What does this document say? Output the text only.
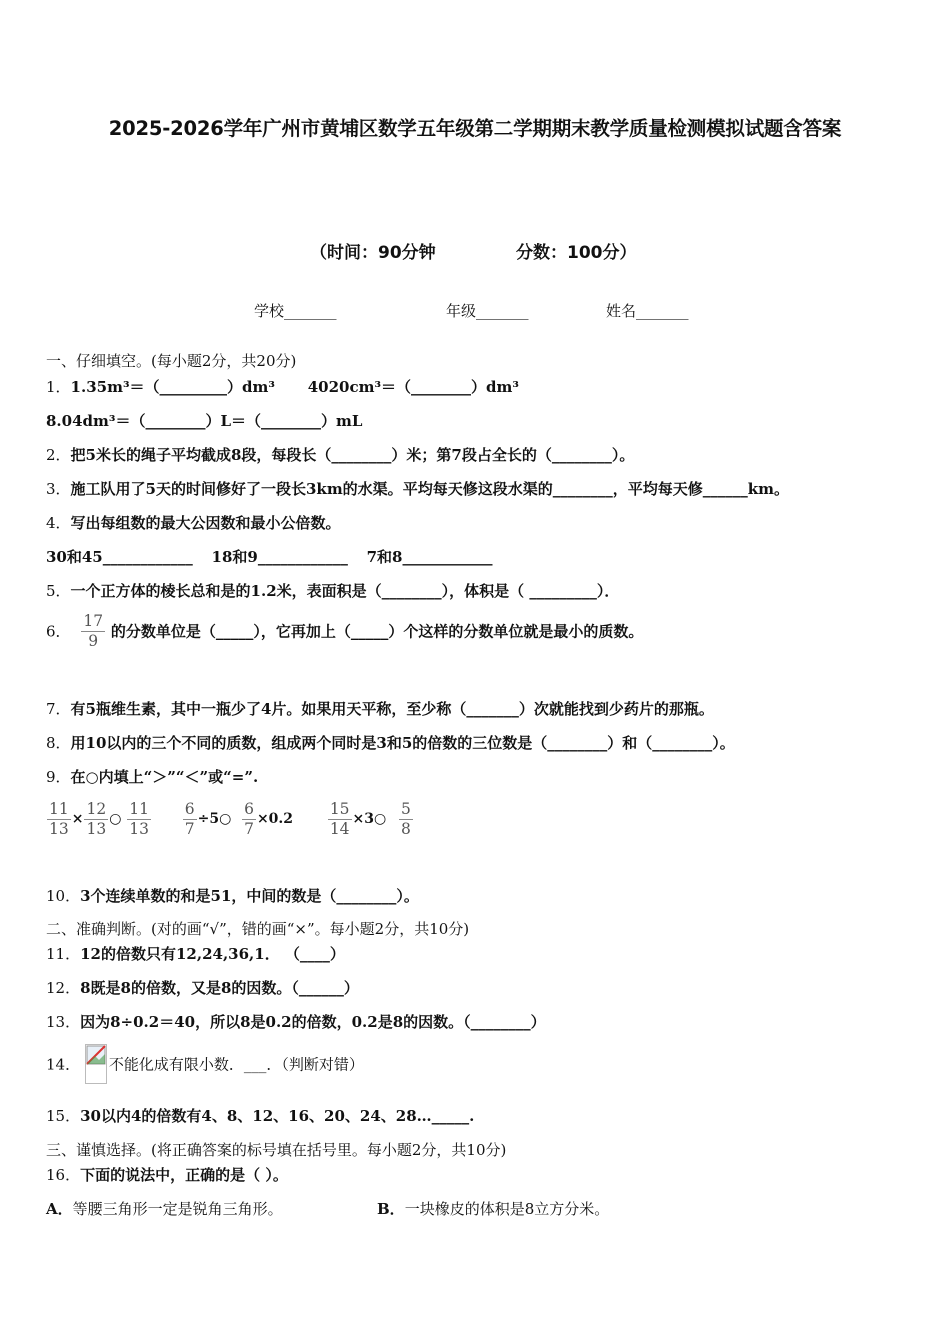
2025-2026学年广州市黄埔区数学五年级第二学期期末教学质量检测模拟试题含答案
（时间：90分钟	分数：100分）
学校_______	年级_______	姓名_______
一、仔细填空。(每小题2分，共20分)
1．1.35m³＝（_________）dm³ 4020cm³＝（________）dm³
8.04dm³＝（________）L＝（________）mL
2．把5米长的绳子平均截成8段，每段长（________）米；第7段占全长的（________）。
3．施工队用了5天的时间修好了一段长3km的水渠。平均每天修这段水渠的________，平均每天修______km。
4．写出每组数的最大公因数和最小公倍数。
30和45____________ 18和9____________ 7和8____________
5．一个正方体的棱长总和是的1.2米，表面积是（________），体积是（ _________）．
6． $\frac{17}{9}$ 的分数单位是（_____），它再加上（_____）个这样的分数单位就是最小的质数。
7．有5瓶维生素，其中一瓶少了4片。如果用天平称，至少称（_______）次就能找到少药片的那瓶。
8．用10以内的三个不同的质数，组成两个同时是3和5的倍数的三位数是（________）和（________）。
9．在○内填上“＞”“＜”或“=”.
$\frac{11}{13} \times \frac{12}{13}$ ○ $\frac{11}{13}$
$\frac{6}{7}$ ÷5○ $\frac{6}{7} \times 0.2 \frac{15}{14}$ ×3○ $\frac{5}{8}$
10．3个连续单数的和是51，中间的数是（________）。
二、准确判断。(对的画“√”，错的画“×”。每小题2分，共10分)
11．12的倍数只有12,24,36,1． （____）
12．8既是8的倍数，又是8的因数。（______）
13．因为8÷0.2＝40，所以8是0.2的倍数，0.2是8的因数。（________）
14． 不能化成有限小数．___．（判断对错）
15．30以内4的倍数有4、8、12、16、20、24、28…_____.
三、谨慎选择。(将正确答案的标号填在括号里。每小题2分，共10分)
16．下面的说法中，正确的是（ ）。
A．等腰三角形一定是锐角三角形。	B．一块橡皮的体积是8立方分米。
